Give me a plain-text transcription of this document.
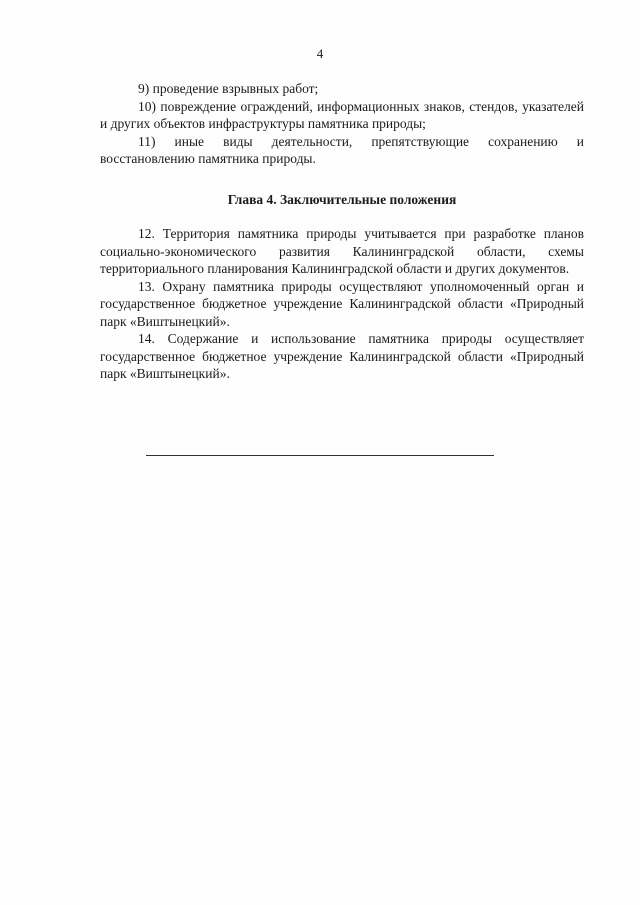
4

9) проведение взрывных работ;

10) повреждение ограждений, информационных знаков, стендов, указателей и других объектов инфраструктуры памятника природы;

11) иные виды деятельности, препятствующие сохранению и восстановлению памятника природы.

Глава 4. Заключительные положения

12. Территория памятника природы учитывается при разработке планов социально-экономического развития Калининградской области, схемы территориального планирования Калининградской области и других документов.

13. Охрану памятника природы осуществляют уполномоченный орган и государственное бюджетное учреждение Калининградской области «Природный парк «Виштынецкий».

14. Содержание и использование памятника природы осуществляет государственное бюджетное учреждение Калининградской области «Природный парк «Виштынецкий».
